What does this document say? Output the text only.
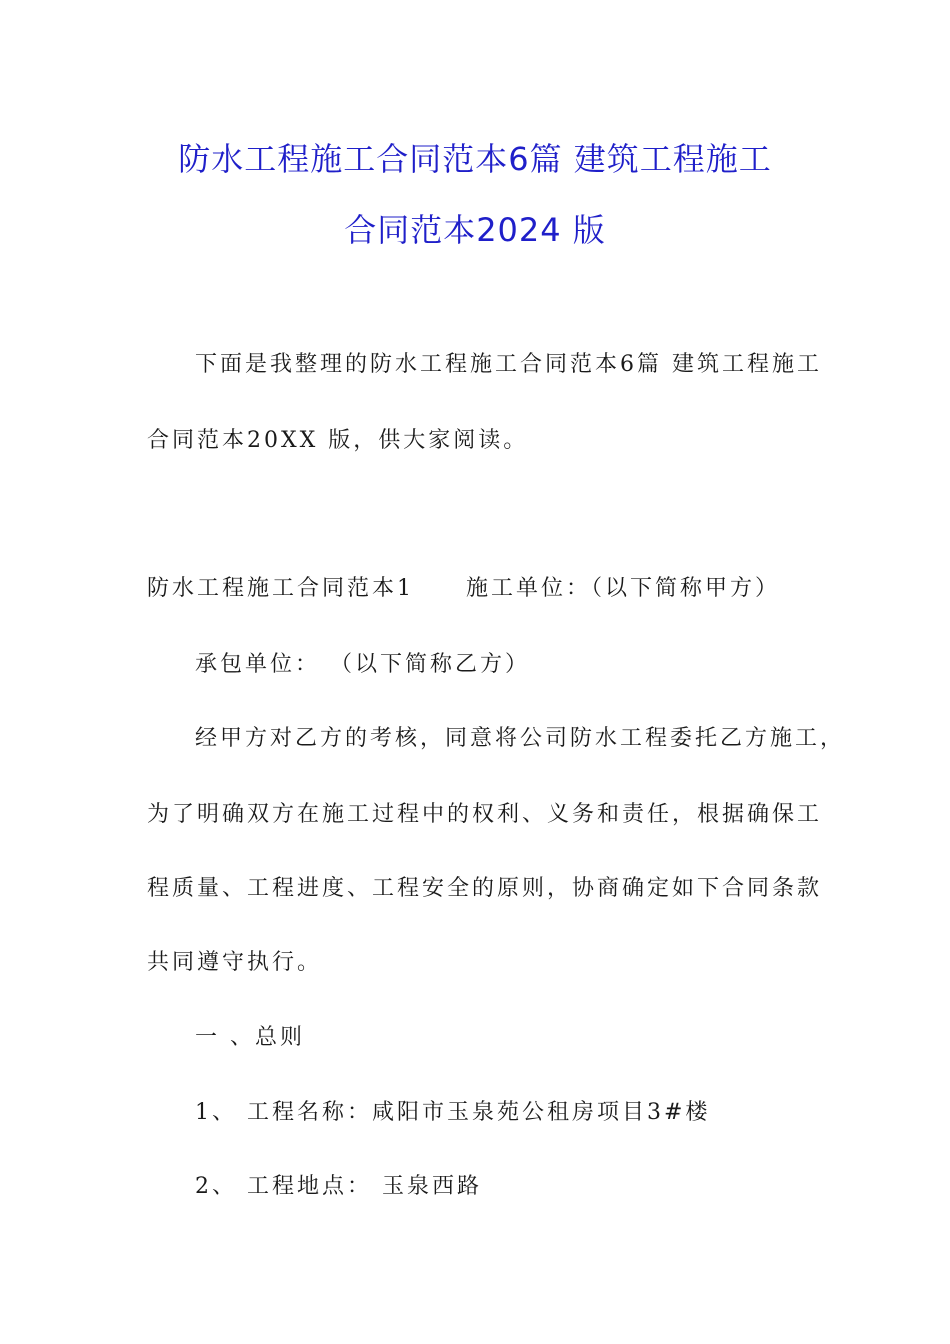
防水工程施工合同范本6篇 建筑工程施工
合同范本2024 版
下面是我整理的防水工程施工合同范本6篇 建筑工程施工
合同范本20XX 版，供大家阅读。
防水工程施工合同范本1 施工单位：（以下简称甲方）
承包单位： （以下简称乙方）
经甲方对乙方的考核，同意将公司防水工程委托乙方施工，
为了明确双方在施工过程中的权利、义务和责任，根据确保工
程质量、工程进度、工程安全的原则，协商确定如下合同条款
共同遵守执行。
一 、总则
1、 工程名称：咸阳市玉泉苑公租房项目3#楼
2、 工程地点： 玉泉西路
